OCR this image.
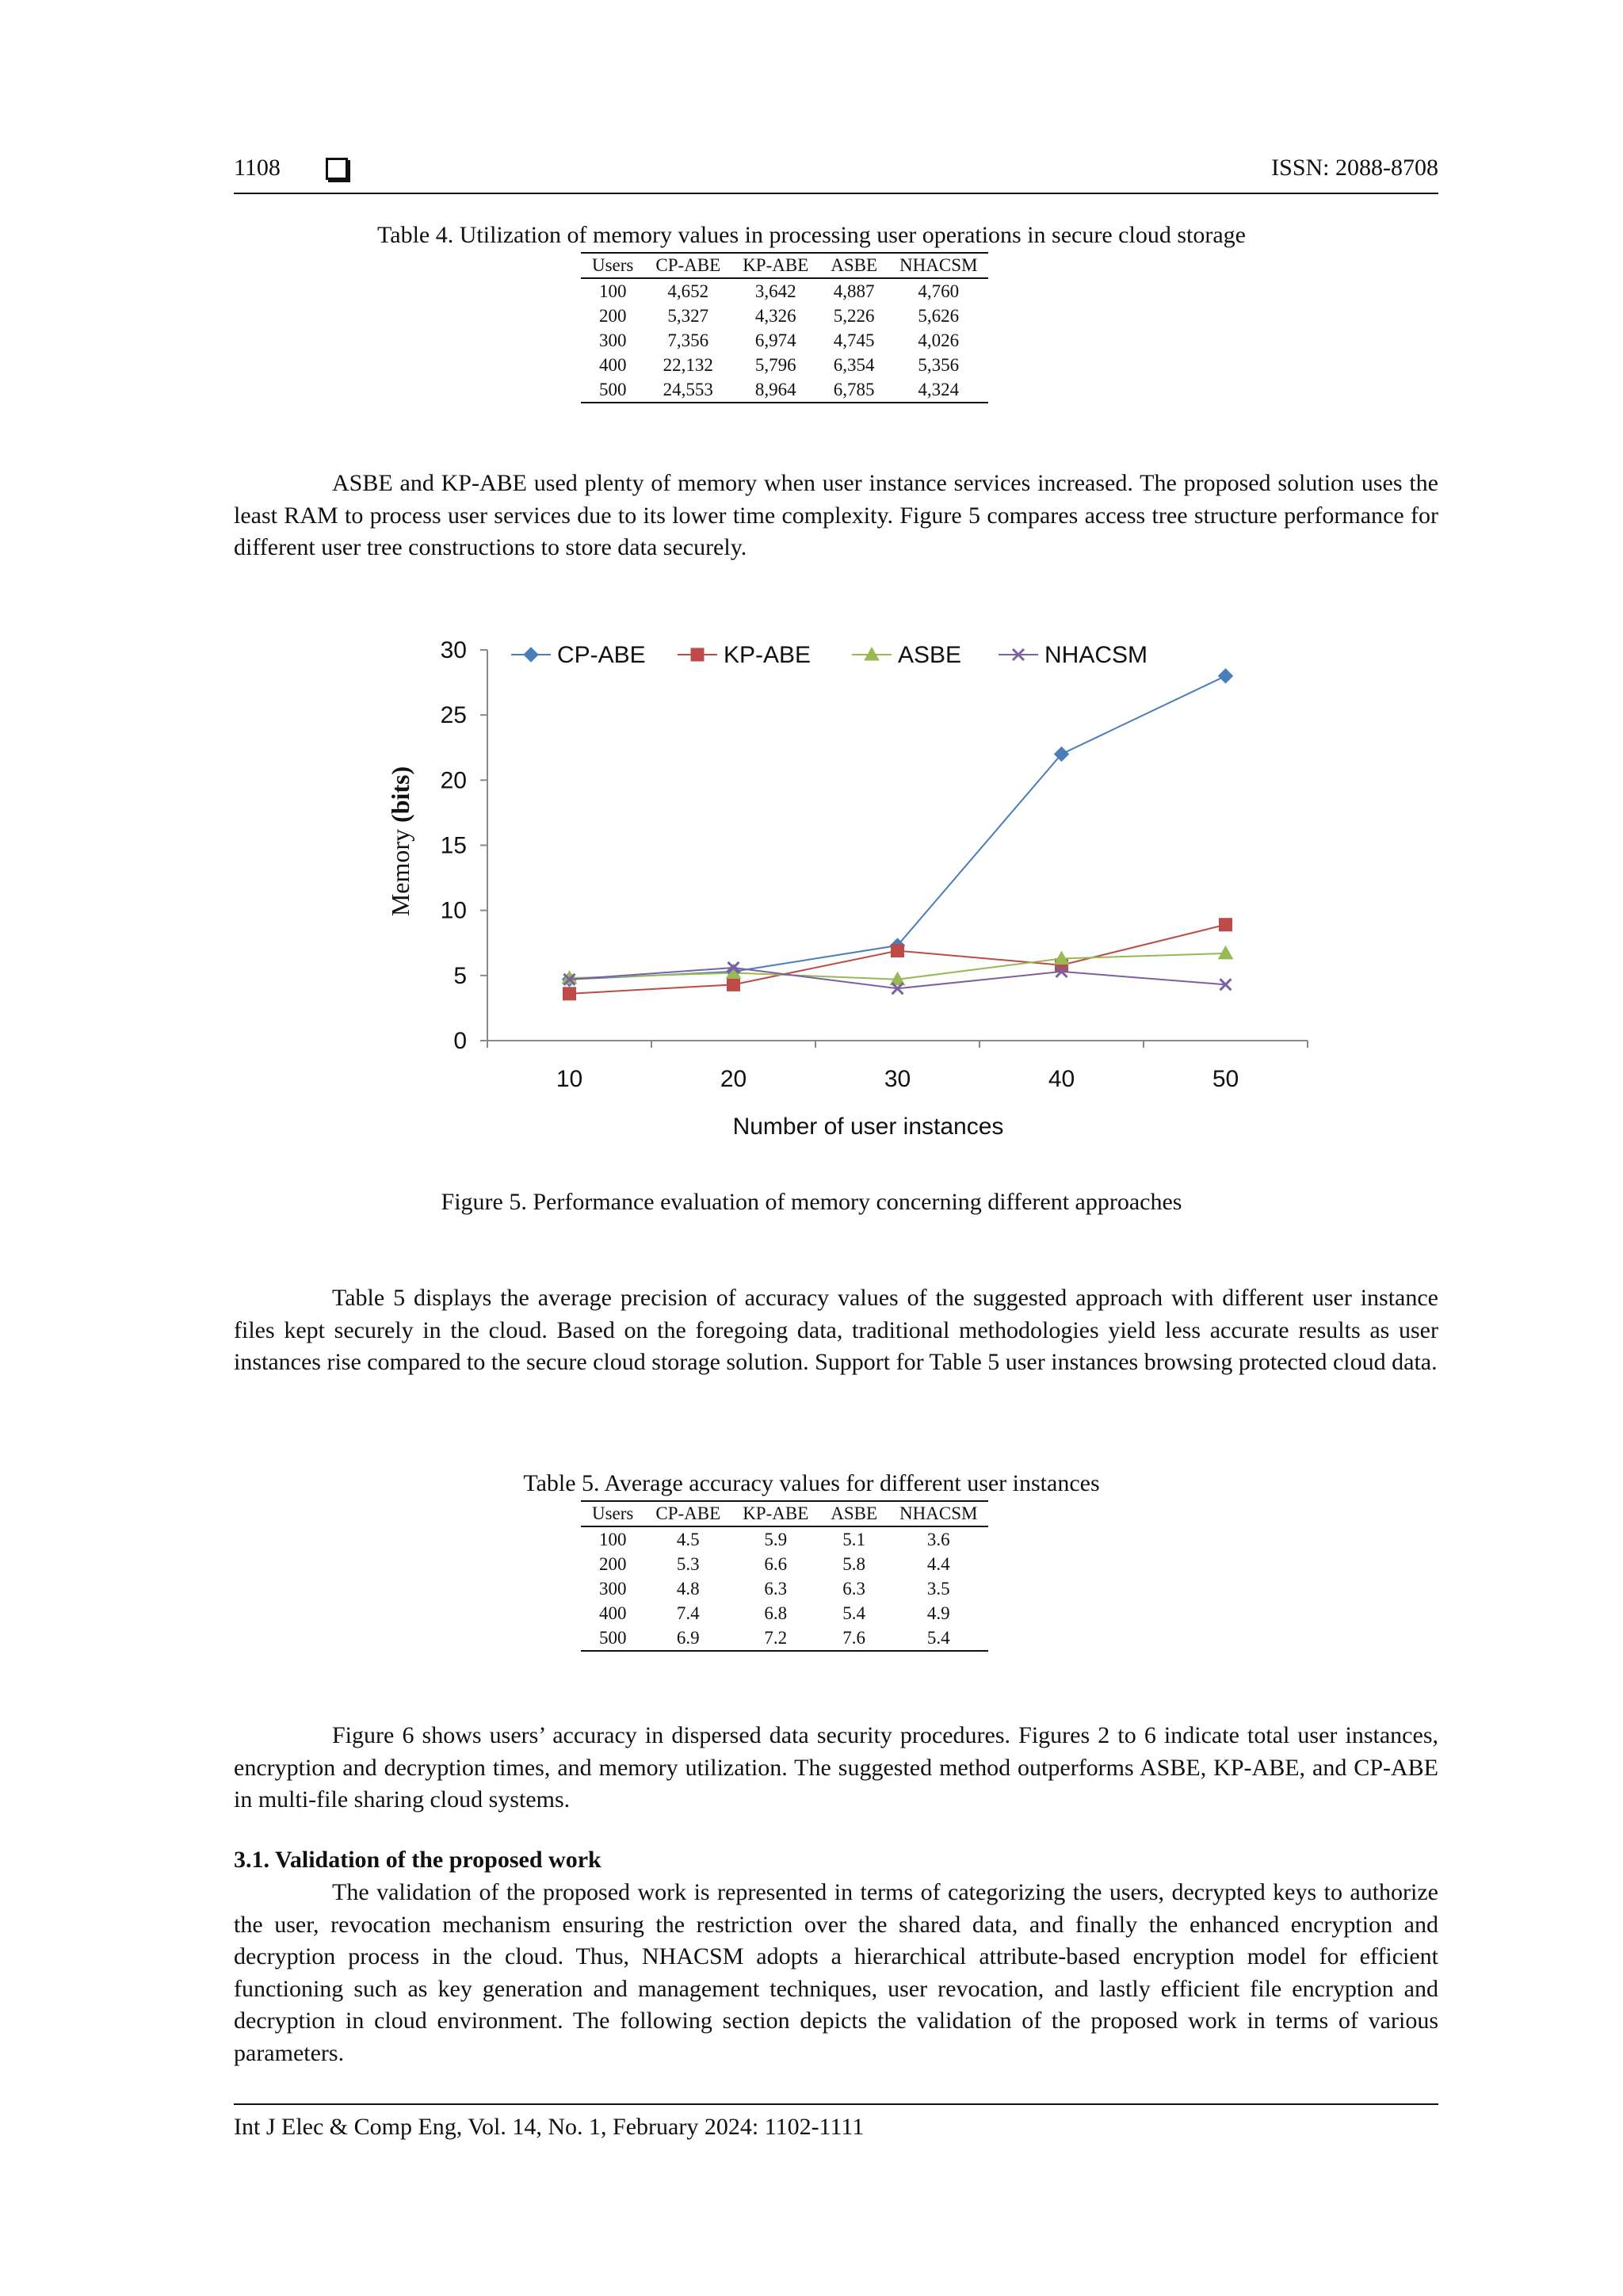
1108	ISSN: 2088-8708
Table 4. Utilization of memory values in processing user operations in secure cloud storage
Users	CP-ABE	KP-ABE	ASBE	NHACSM
100	4,652	3,642	4,887	4,760
200	5,327	4,326	5,226	5,626
300	7,356	6,974	4,745	4,026
400	22,132	5,796	6,354	5,356
500	24,553	8,964	6,785	4,324

ASBE and KP-ABE used plenty of memory when user instance services increased. The proposed solution uses the least RAM to process user services due to its lower time complexity. Figure 5 compares access tree structure performance for different user tree constructions to store data securely.

0
5
10
15
20
25
30
10	20	30	40	50
Number of user instances
Memory (bits)
CP-ABE	KP-ABE	ASBE	NHACSM
Figure 5. Performance evaluation of memory concerning different approaches

Table 5 displays the average precision of accuracy values of the suggested approach with different user instance files kept securely in the cloud. Based on the foregoing data, traditional methodologies yield less accurate results as user instances rise compared to the secure cloud storage solution. Support for Table 5 user instances browsing protected cloud data.

Table 5. Average accuracy values for different user instances
Users	CP-ABE	KP-ABE	ASBE	NHACSM
100	4.5	5.9	5.1	3.6
200	5.3	6.6	5.8	4.4
300	4.8	6.3	6.3	3.5
400	7.4	6.8	5.4	4.9
500	6.9	7.2	7.6	5.4

Figure 6 shows users’ accuracy in dispersed data security procedures. Figures 2 to 6 indicate total user instances, encryption and decryption times, and memory utilization. The suggested method outperforms ASBE, KP-ABE, and CP-ABE in multi-file sharing cloud systems.

3.1. Validation of the proposed work

The validation of the proposed work is represented in terms of categorizing the users, decrypted keys to authorize the user, revocation mechanism ensuring the restriction over the shared data, and finally the enhanced encryption and decryption process in the cloud. Thus, NHACSM adopts a hierarchical attribute-based encryption model for efficient functioning such as key generation and management techniques, user revocation, and lastly efficient file encryption and decryption in cloud environment. The following section depicts the validation of the proposed work in terms of various parameters.

Int J Elec & Comp Eng, Vol. 14, No. 1, February 2024: 1102-1111
